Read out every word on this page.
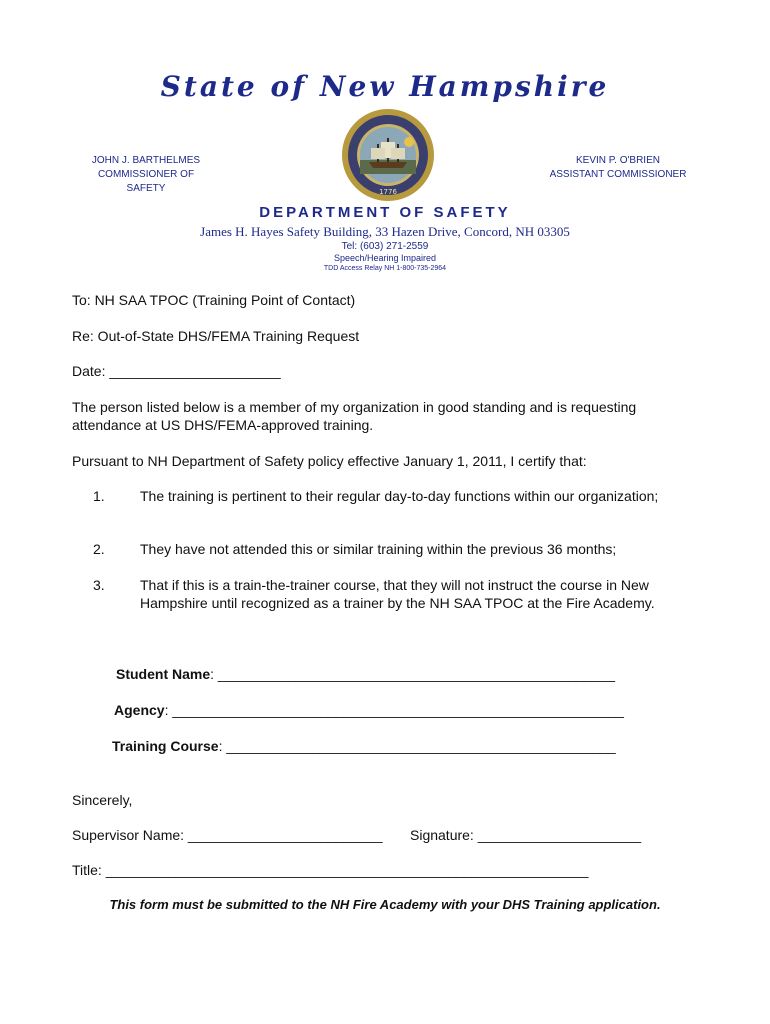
State of New Hampshire
JOHN J. BARTHELMES
COMMISSIONER OF SAFETY	1776
KEVIN P. O'BRIEN
ASSISTANT COMMISSIONER
DEPARTMENT OF SAFETY
James H. Hayes Safety Building, 33 Hazen Drive, Concord, NH 03305
Tel: (603) 271-2559
Speech/Hearing Impaired
TDD Access Relay NH 1-800-735-2964
To: NH SAA TPOC (Training Point of Contact)
Re: Out-of-State DHS/FEMA Training Request
Date: ______________________
The person listed below is a member of my organization in good standing and is requesting attendance at US DHS/FEMA-approved training.
Pursuant to NH Department of Safety policy effective January 1, 2011, I certify that:
1.	The training is pertinent to their regular day-to-day functions within our organization;
2.	They have not attended this or similar training within the previous 36 months;
3.	That if this is a train-the-trainer course, that they will not instruct the course in New Hampshire until recognized as a trainer by the NH SAA TPOC at the Fire Academy.
Student Name: ___________________________________________________
Agency: __________________________________________________________
Training Course: __________________________________________________
Sincerely,
Supervisor Name: _________________________ Signature: _____________________
Title: ______________________________________________________________
This form must be submitted to the NH Fire Academy with your DHS Training application.
